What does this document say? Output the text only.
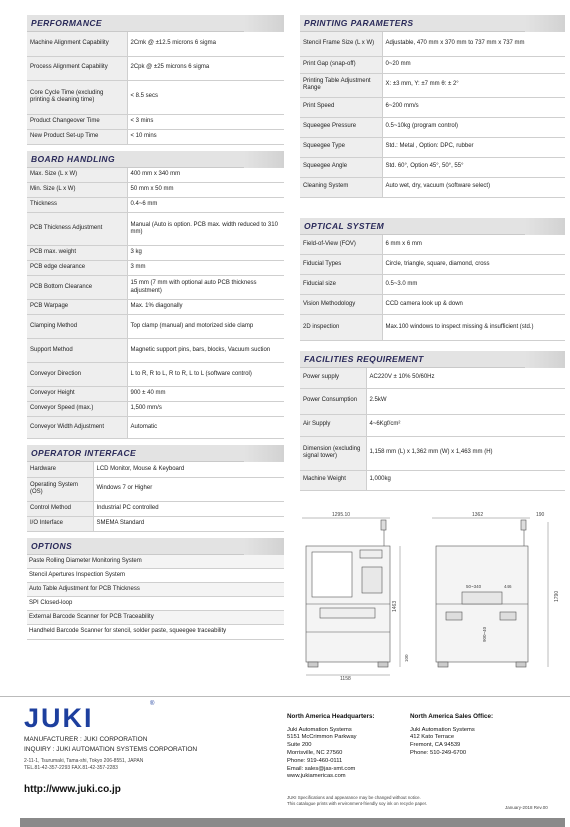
PERFORMANCE
Machine Alignment Capability	2Cmk @ ±12.5 microns 6 sigma
Process Alignment Capability	2Cpk @ ±25 microns 6 sigma
Core Cycle Time (excluding printing & cleaning time)	< 8.5 secs
Product Changeover Time	< 3 mins
New Product Set-up Time	< 10 mins
BOARD HANDLING
Max. Size (L x W)	400 mm x 340 mm
Min. Size (L x W)	50 mm x 50 mm
Thickness	0.4~6 mm
PCB Thickness Adjustment	Manual (Auto is option. PCB max. width reduced to 310 mm)
PCB max. weight	3 kg
PCB edge clearance	3 mm
PCB Bottom Clearance	15 mm (7 mm with optional auto PCB thickness adjustment)
PCB Warpage	Max. 1% diagonally
Clamping Method	Top clamp (manual) and motorized side clamp
Support Method	Magnetic support pins, bars, blocks, Vacuum suction
Conveyor Direction	L to R, R to L, R to R, L to L (software control)
Conveyor Height	900 ± 40 mm
Conveyor Speed (max.)	1,500 mm/s
Conveyor Width Adjustment	Automatic
OPERATOR INTERFACE
Hardware	LCD Monitor, Mouse & Keyboard
Operating System (OS)	Windows 7 or Higher
Control Method	Industrial PC controlled
I/O Interface	SMEMA Standard
OPTIONS
Paste Rolling Diameter Monitoring System
Stencil Apertures Inspection System
Auto Table Adjustment for PCB Thickness
SPI Closed-loop
External Barcode Scanner for PCB Traceability
Handheld Barcode Scanner for stencil, solder paste, squeegee traceability
PRINTING PARAMETERS
Stencil Frame Size (L x W)	Adjustable, 470 mm x 370 mm to 737 mm x 737 mm
Print Gap (snap-off)	0~20 mm
Printing Table Adjustment Range	X: ±3 mm, Y: ±7 mm θ: ± 2°
Print Speed	6~200 mm/s
Squeegee Pressure	0.5~10kg (program control)
Squeegee Type	Std.: Metal , Option: DPC, rubber
Squeegee Angle	Std. 60°, Option 45°, 50°, 55°
Cleaning System	Auto wet, dry, vacuum (software select)
OPTICAL SYSTEM
Field-of-View (FOV)	6 mm x 6 mm
Fiducial Types	Circle, triangle, square, diamond, cross
Fiducial size	0.5~3.0 mm
Vision Methodology	CCD camera look up & down
2D inspection	Max.100 windows to inspect missing & insufficient (std.)
FACILITIES REQUIREMENT
Power supply	AC220V ± 10% 50/60Hz
Power Consumption	2.5kW
Air Supply	4~6Kgf/cm²
Dimension (excluding signal tower)	1,158 mm (L) x 1,362 mm (W) x 1,463 mm (H)
Machine Weight	1,000kg
1295.10
1158
1463
100
1362	190
50~340	446
900~40
1790
JUKI	®
MANUFACTURER : JUKI CORPORATION
INQUIRY : JUKI AUTOMATION SYSTEMS CORPORATION
2-11-1, Tsurumaki, Tama-shi, Tokyo 206-8551, JAPAN
TEL.81-42-357-2293 FAX.81-42-357-2283
http://www.juki.co.jp
North America Headquarters:
Juki Automation Systems
5151 McCrimmon Parkway
Suite 200
Morrisville, NC 27560
Phone: 919-460-0111
Email: sales@jas-smt.com
www.jukiamericas.com
North America Sales Office:
Juki Automation Systems
412 Kato Terrace
Fremont, CA 94539
Phone: 510-249-6700
JUKI Specifications and appearance may be changed without notice.
This catalogue prints with environment-friendly soy ink on recycle paper.
January-2018 Rev.00
